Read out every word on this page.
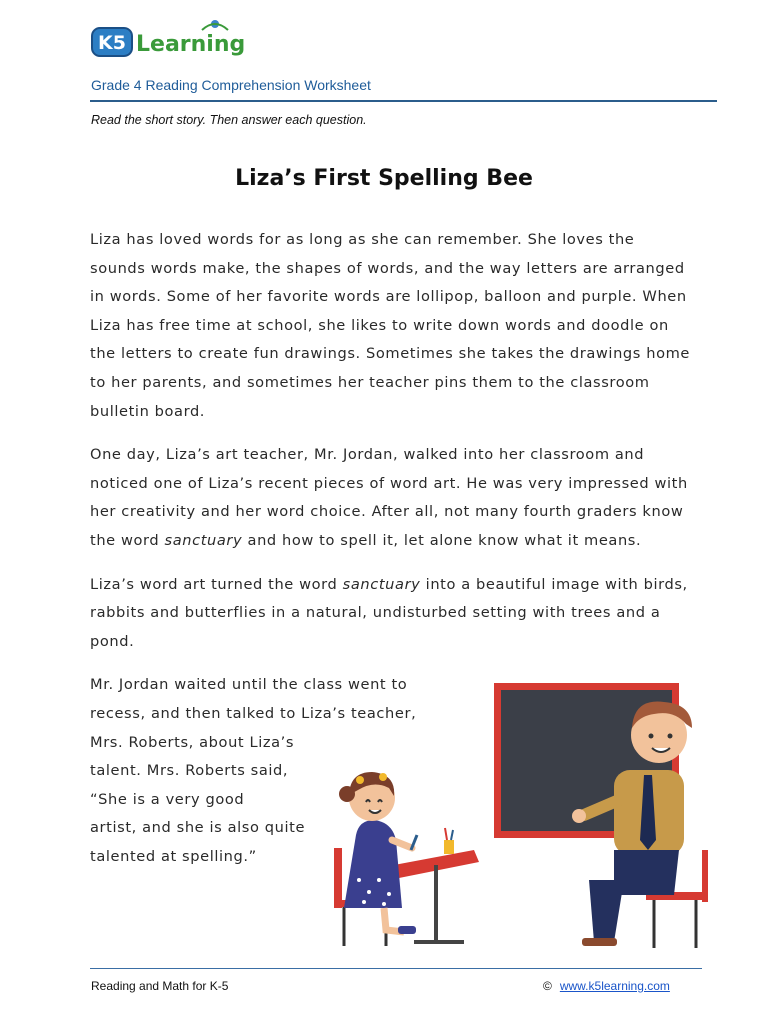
K5 Learning
Grade 4 Reading Comprehension Worksheet
Read the short story. Then answer each question.
Liza’s First Spelling Bee

Liza has loved words for as long as she can remember. She loves the sounds words make, the shapes of words, and the way letters are arranged in words. Some of her favorite words are lollipop, balloon and purple. When Liza has free time at school, she likes to write down words and doodle on the letters to create fun drawings. Sometimes she takes the drawings home to her parents, and sometimes her teacher pins them to the classroom bulletin board.

One day, Liza’s art teacher, Mr. Jordan, walked into her classroom and noticed one of Liza’s recent pieces of word art. He was very impressed with her creativity and her word choice. After all, not many fourth graders know the word sanctuary and how to spell it, let alone know what it means.

Liza’s word art turned the word sanctuary into a beautiful image with birds, rabbits and butterflies in a natural, undisturbed setting with trees and a pond.

Mr. Jordan waited until the class went to
recess, and then talked to Liza’s teacher,
Mrs. Roberts, about Liza’s
talent. Mrs. Roberts said,
“She is a very good
artist, and she is also quite
talented at spelling.”

Reading and Math for K-5	© www.k5learning.com
